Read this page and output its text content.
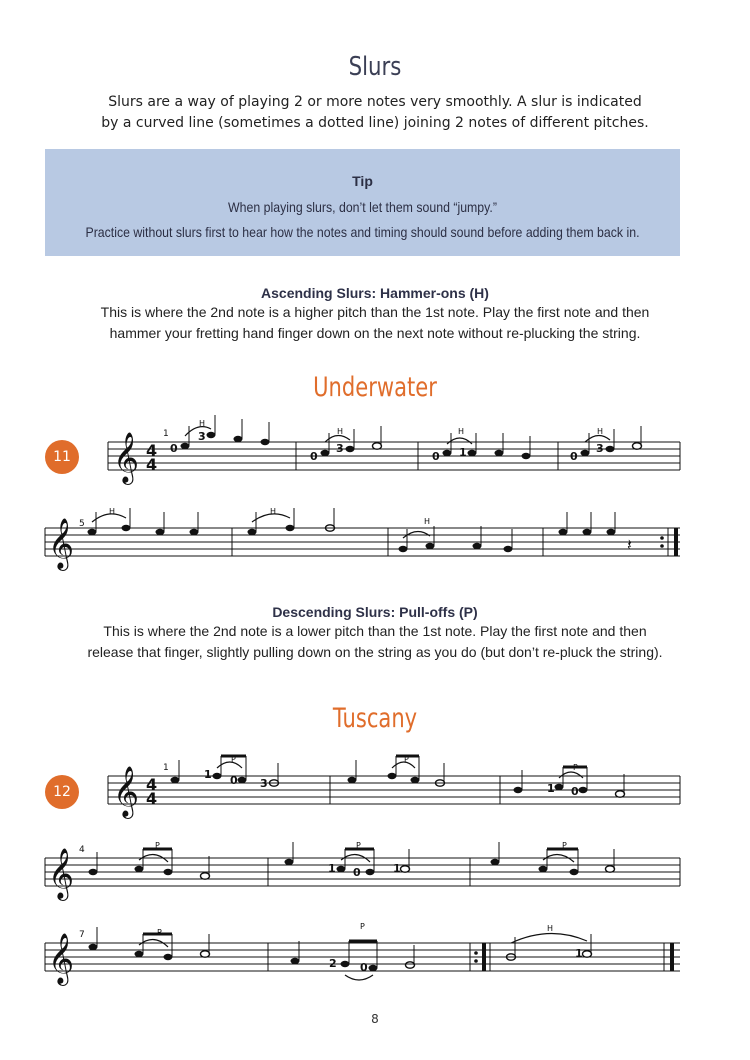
Slurs
Slurs are a way of playing 2 or more notes very smoothly. A slur is indicated
by a curved line (sometimes a dotted line) joining 2 notes of different pitches.
Tip
When playing slurs, don’t let them sound “jumpy.”
Practice without slurs first to hear how the notes and timing should sound before adding them back in.
Ascending Slurs: Hammer-ons (H)
This is where the 2nd note is a higher pitch than the 1st note. Play the first note and then
hammer your fretting hand finger down on the next note without re-plucking the string.
Underwater
11 𝄞 4
4
1
0
3
H
0
3
H
0 1
H
0
3
H
𝄞 5
H	H
H
𝄽
Descending Slurs: Pull-offs (P)
This is where the 2nd note is a lower pitch than the 1st note. Play the first note and then
release that finger, slightly pulling down on the string as you do (but don’t re-pluck the string).
Tuscany
12 𝄞 4
4
1	1 0
P
3
P
1 0
P
𝄞 4	P
1 0
P
1
P
𝄞 7	P
2 0
P
1
H
8
